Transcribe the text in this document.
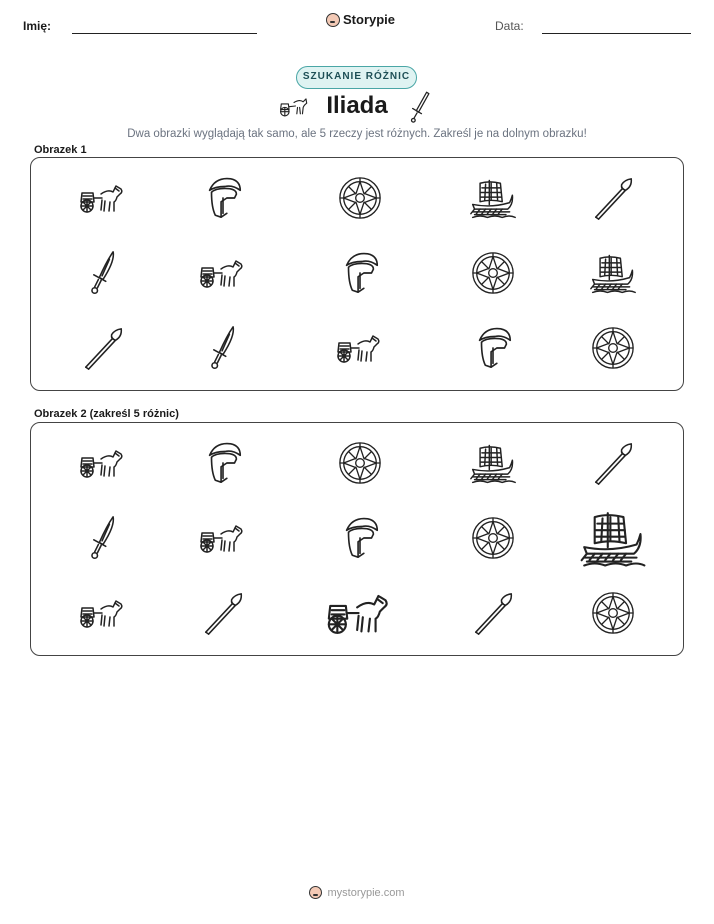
Imię:	Storypie	Data:
SZUKANIE RÓŻNIC
Iliada
Dwa obrazki wyglądają tak samo, ale 5 rzeczy jest różnych. Zakreśl je na dolnym obrazku!
Obrazek 1
Obrazek 2 (zakreśl 5 różnic)
mystorypie.com
